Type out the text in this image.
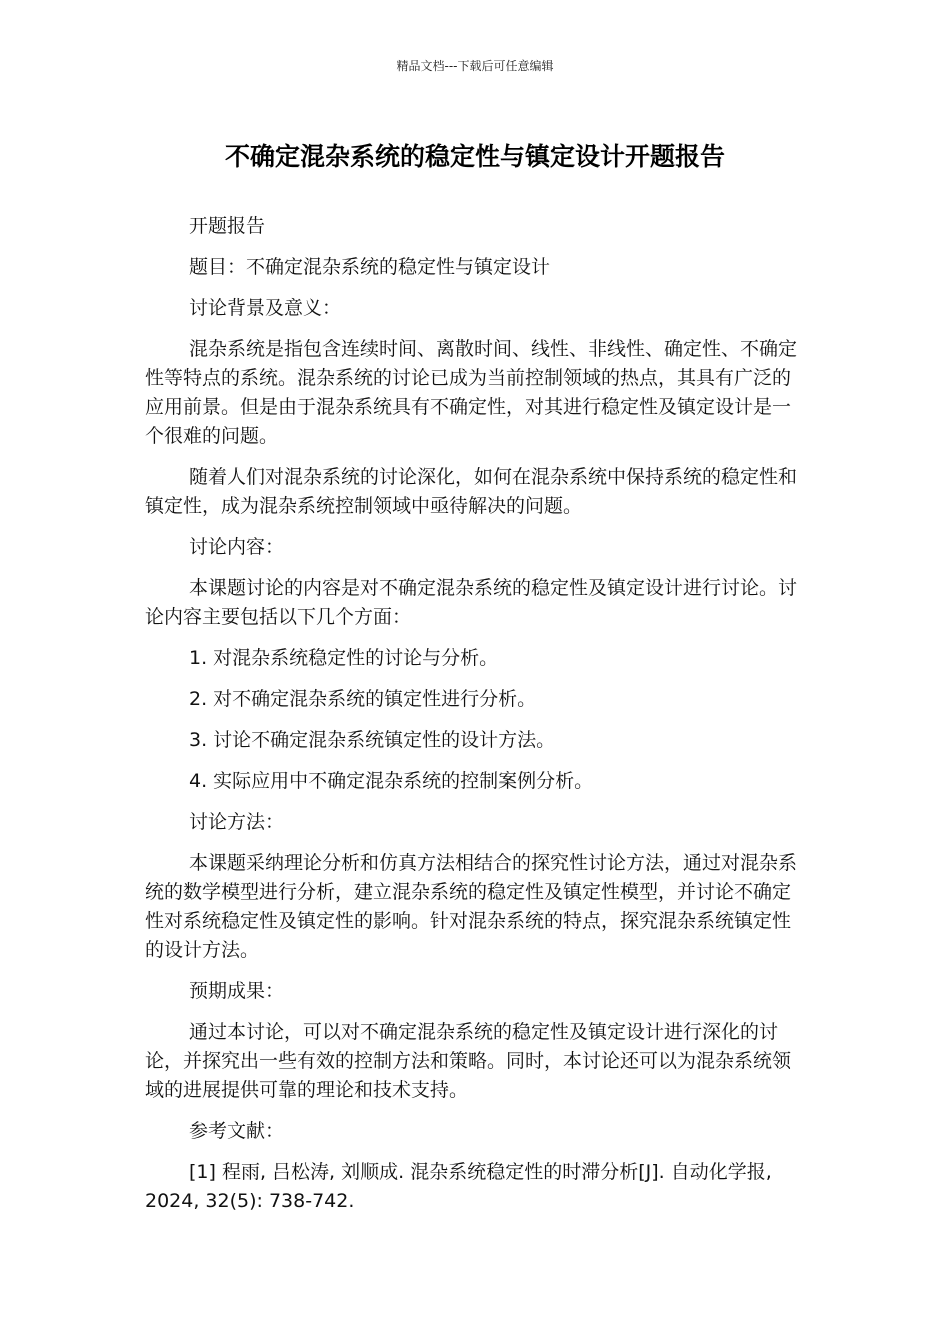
精品文档---下载后可任意编辑
不确定混杂系统的稳定性与镇定设计开题报告

开题报告

题目：不确定混杂系统的稳定性与镇定设计

讨论背景及意义：

混杂系统是指包含连续时间、离散时间、线性、非线性、确定性、不确定性等特点的系统。混杂系统的讨论已成为当前控制领域的热点，其具有广泛的应用前景。但是由于混杂系统具有不确定性，对其进行稳定性及镇定设计是一个很难的问题。

随着人们对混杂系统的讨论深化，如何在混杂系统中保持系统的稳定性和镇定性，成为混杂系统控制领域中亟待解决的问题。

讨论内容：

本课题讨论的内容是对不确定混杂系统的稳定性及镇定设计进行讨论。讨论内容主要包括以下几个方面：

1. 对混杂系统稳定性的讨论与分析。

2. 对不确定混杂系统的镇定性进行分析。

3. 讨论不确定混杂系统镇定性的设计方法。

4. 实际应用中不确定混杂系统的控制案例分析。

讨论方法：

本课题采纳理论分析和仿真方法相结合的探究性讨论方法，通过对混杂系统的数学模型进行分析，建立混杂系统的稳定性及镇定性模型，并讨论不确定性对系统稳定性及镇定性的影响。针对混杂系统的特点，探究混杂系统镇定性的设计方法。

预期成果：

通过本讨论，可以对不确定混杂系统的稳定性及镇定设计进行深化的讨论，并探究出一些有效的控制方法和策略。同时，本讨论还可以为混杂系统领域的进展提供可靠的理论和技术支持。

参考文献：

[1] 程雨, 吕松涛, 刘顺成. 混杂系统稳定性的时滞分析[J]. 自动化学报, 2024, 32(5): 738-742.
